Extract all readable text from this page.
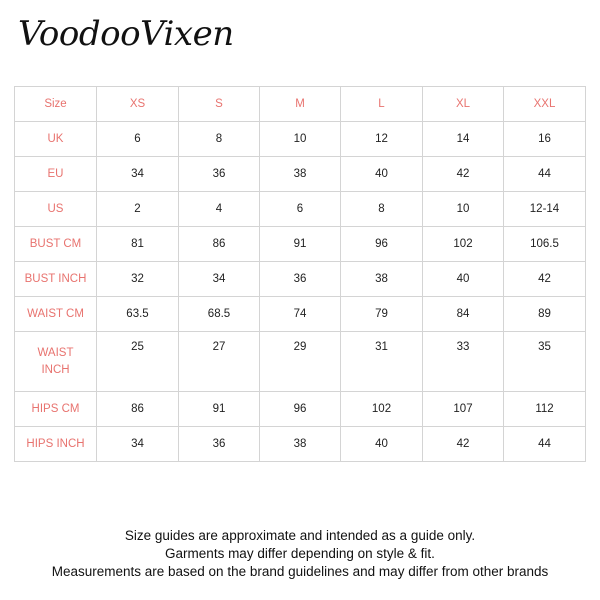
VoodooVixen
Size	XS	S	M	L	XL	XXL
UK	6	8	10	12	14	16
EU	34	36	38	40	42	44
US	2	4	6	8	10	12-14
BUST CM	81	86	91	96	102	106.5
BUST INCH	32	34	36	38	40	42
WAIST CM	63.5	68.5	74	79	84	89
WAIST INCH	25	27	29	31	33	35
HIPS CM	86	91	96	102	107	112
HIPS INCH	34	36	38	40	42	44
Size guides are approximate and intended as a guide only.
Garments may differ depending on style & fit.
Measurements are based on the brand guidelines and may differ from other brands
